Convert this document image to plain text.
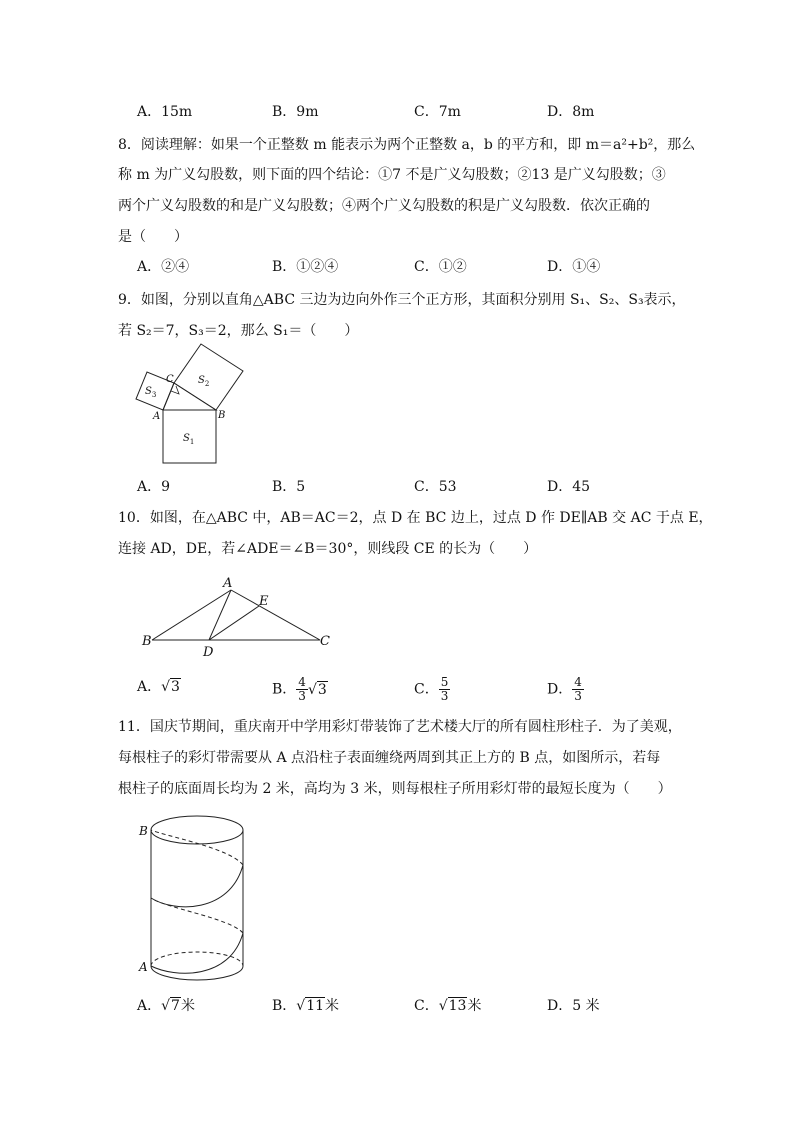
A．15m	B．9m	C．7m	D．8m
8．阅读理解：如果一个正整数 m 能表示为两个正整数 a，b 的平方和，即 m＝a²+b²，那么
称 m 为广义勾股数，则下面的四个结论：①7 不是广义勾股数；②13 是广义勾股数；③
两个广义勾股数的和是广义勾股数；④两个广义勾股数的积是广义勾股数．依次正确的
是（　　）
A．②④	B．①②④	C．①②	D．①④
9．如图，分别以直角△ABC 三边为边向外作三个正方形，其面积分别用 S₁、S₂、S₃表示，
若 S₂＝7，S₃＝2，那么 S₁＝（　　）
A	B
C
$S_1$
$S_2$
$S_3$
A．9	B．5	C．53	D．45
10．如图，在△ABC 中，AB＝AC＝2，点 D 在 BC 边上，过点 D 作 DE∥AB 交 AC 于点 E，
连接 AD，DE，若∠ADE＝∠B＝30°，则线段 CE 的长为（　　）
A
B	C
D
E
A．√3	B． $\frac{4}{3} √3$	C． $\frac{5}{3}$	D． $\frac{4}{3}$
11．国庆节期间，重庆南开中学用彩灯带装饰了艺术楼大厅的所有圆柱形柱子．为了美观，
每根柱子的彩灯带需要从 A 点沿柱子表面缠绕两周到其正上方的 B 点，如图所示，若每
根柱子的底面周长均为 2 米，高均为 3 米，则每根柱子所用彩灯带的最短长度为（　　）
B
A
A．√7米	B．√11米	C．√13米	D．5 米
